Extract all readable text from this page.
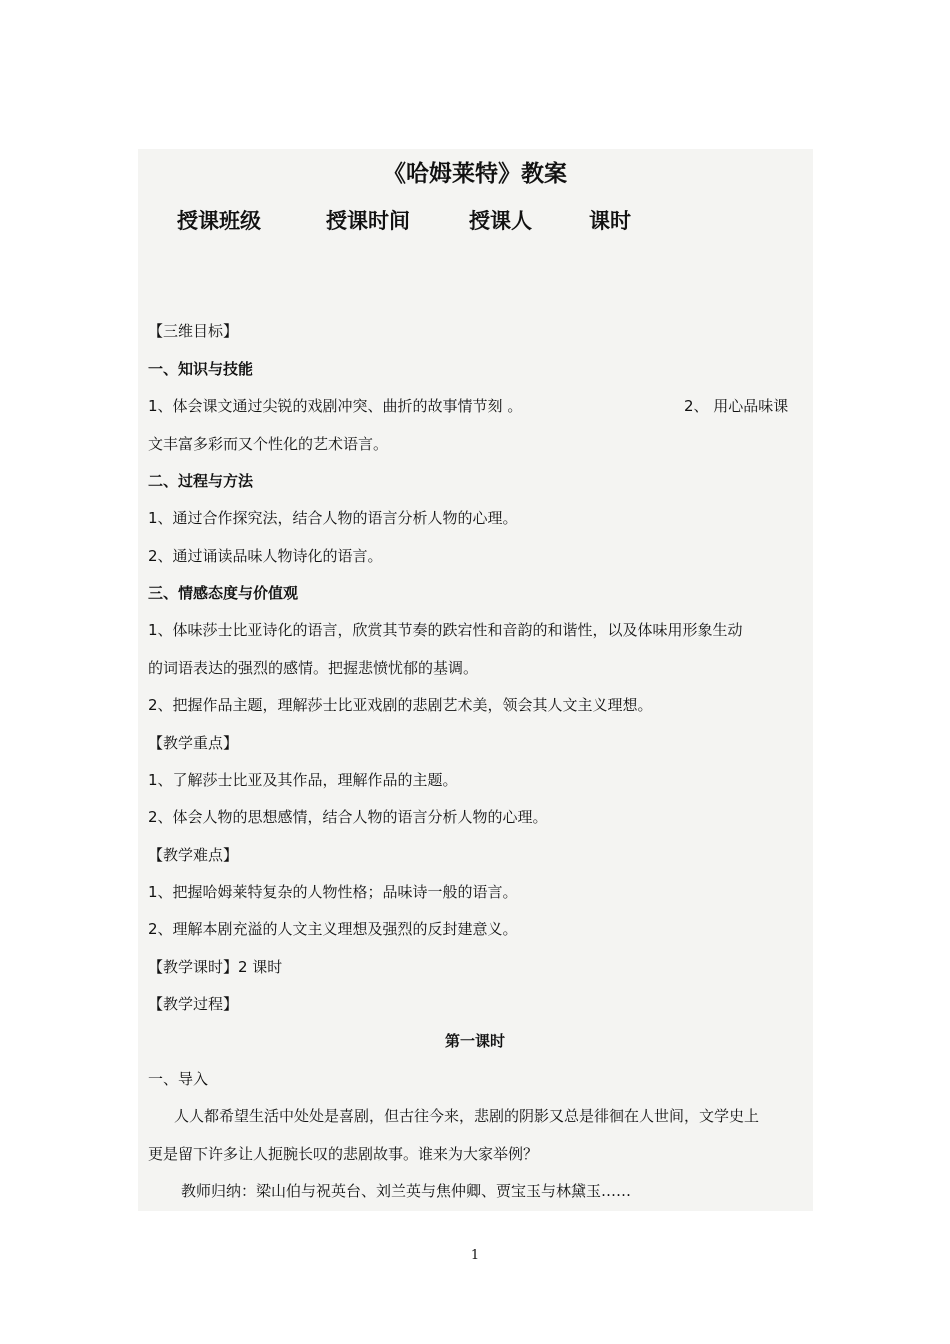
《哈姆莱特》教案
授课班级	授课时间	授课人	课时
【三维目标】
一、知识与技能
1、体会课文通过尖锐的戏剧冲突、曲折的故事情节刻 。	2、 用心品味课
文丰富多彩而又个性化的艺术语言。
二、过程与方法
1、通过合作探究法，结合人物的语言分析人物的心理。
2、通过诵读品味人物诗化的语言。
三、情感态度与价值观
1、体味莎士比亚诗化的语言，欣赏其节奏的跌宕性和音韵的和谐性，以及体味用形象生动
的词语表达的强烈的感情。把握悲愤忧郁的基调。
2、把握作品主题，理解莎士比亚戏剧的悲剧艺术美，领会其人文主义理想。
【教学重点】
1、了解莎士比亚及其作品，理解作品的主题。
2、体会人物的思想感情，结合人物的语言分析人物的心理。
【教学难点】
1、把握哈姆莱特复杂的人物性格；品味诗一般的语言。
2、理解本剧充溢的人文主义理想及强烈的反封建意义。
【教学课时】2 课时
【教学过程】
第一课时
一、导入
人人都希望生活中处处是喜剧，但古往今来，悲剧的阴影又总是徘徊在人世间，文学史上
更是留下许多让人扼腕长叹的悲剧故事。谁来为大家举例？
教师归纳：梁山伯与祝英台、刘兰英与焦仲卿、贾宝玉与林黛玉……
1
